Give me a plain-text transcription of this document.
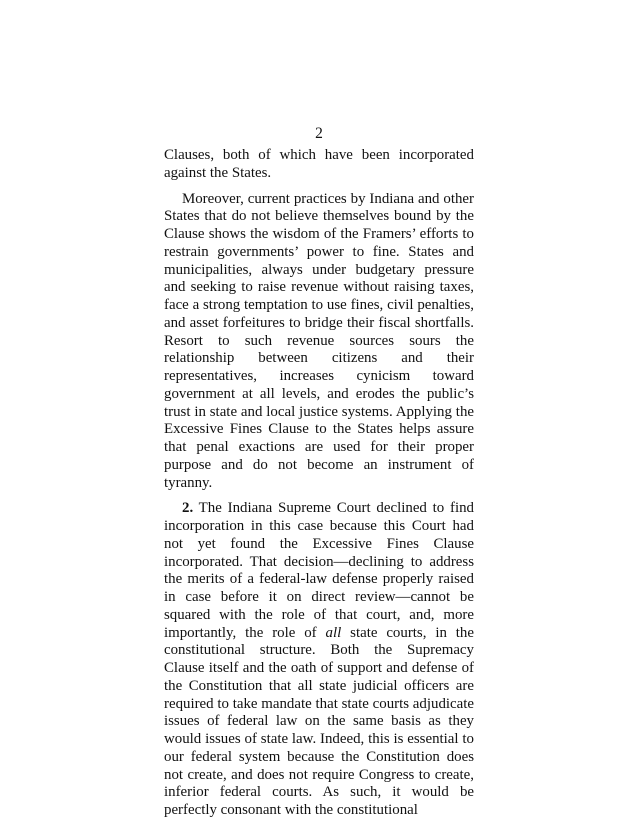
2

Clauses, both of which have been incorporated against the States.

Moreover, current practices by Indiana and other States that do not believe themselves bound by the Clause shows the wisdom of the Framers’ efforts to restrain governments’ power to fine. States and municipalities, always under budgetary pressure and seeking to raise revenue without raising taxes, face a strong temptation to use fines, civil penalties, and asset forfeitures to bridge their fiscal shortfalls. Resort to such revenue sources sours the relationship between citizens and their representatives, increases cynicism toward government at all levels, and erodes the public’s trust in state and local justice systems. Applying the Excessive Fines Clause to the States helps assure that penal exactions are used for their proper purpose and do not become an instrument of tyranny.

2. The Indiana Supreme Court declined to find incorporation in this case because this Court had not yet found the Excessive Fines Clause incorporated. That decision—declining to address the merits of a federal-law defense properly raised in case before it on direct review—cannot be squared with the role of that court, and, more importantly, the role of all state courts, in the constitutional structure. Both the Supremacy Clause itself and the oath of support and defense of the Constitution that all state judicial officers are required to take mandate that state courts adjudicate issues of federal law on the same basis as they would issues of state law. Indeed, this is essential to our federal system because the Constitution does not create, and does not require Congress to create, inferior federal courts. As such, it would be perfectly consonant with the constitutional
